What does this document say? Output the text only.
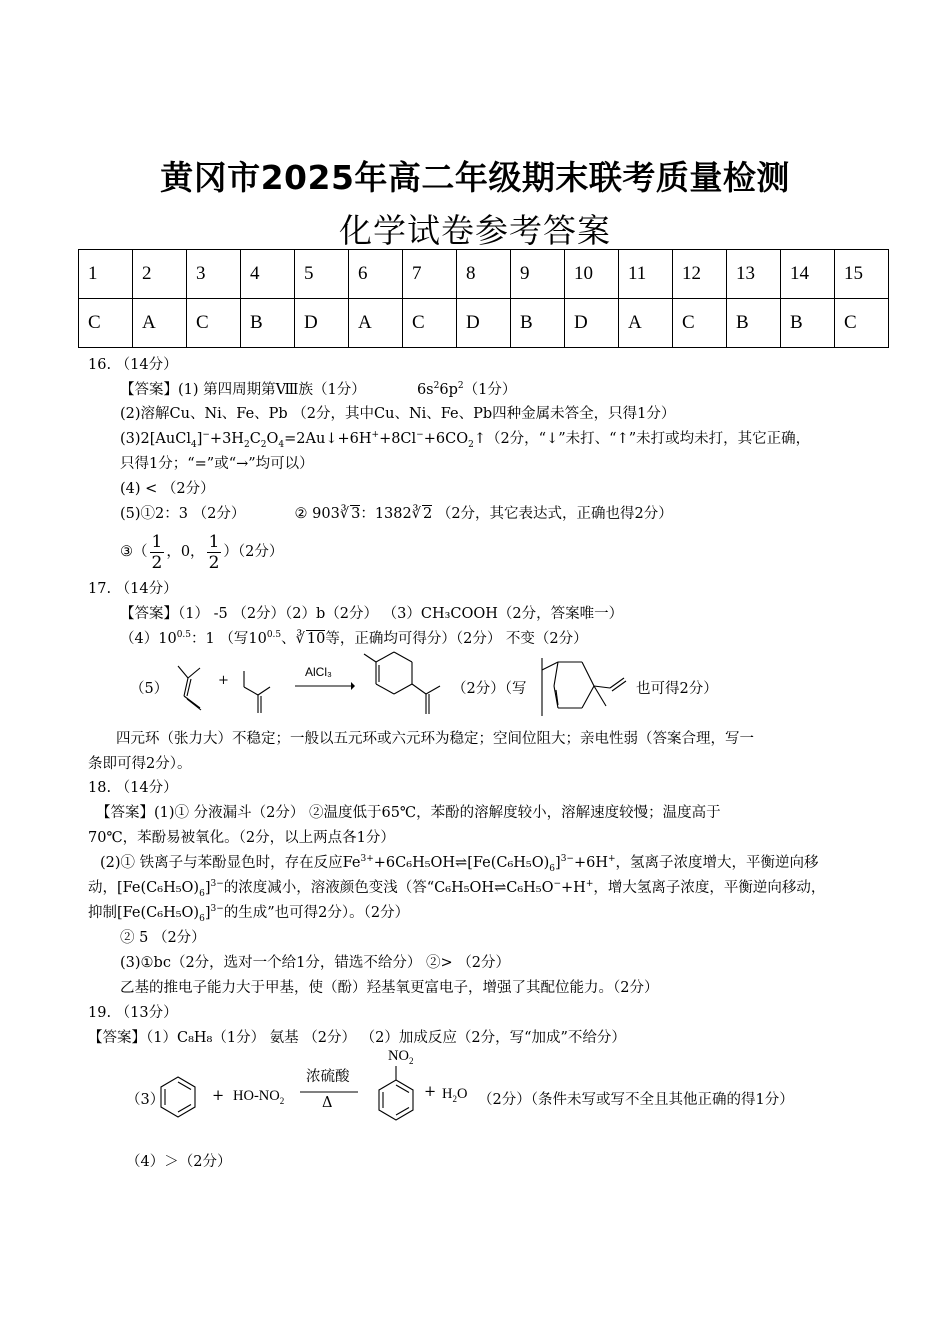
黄冈市2025年高二年级期末联考质量检测
化学试卷参考答案
1	2	3	4	5	6	7	8	9	10	11	12	13	14	15
C	A	C	B	D	A	C	D	B	D	A	C	B	B	C
16. （14分）
【答案】(1) 第四周期第Ⅷ族（1分）	$6s^26p^2(1$分）
(2)溶解Cu、Ni、Fe、Pb （2分，其中Cu、Ni、Fe、Pb四种金属未答全，只得1分）
$(3)2[AuCl_4]^-+3H_2C_2O_4=2Au↓+6H^++8Cl^-+6CO_2↑(2$分，“↓”未打、“↑”未打或均未打，其它正确，
只得1分；“=”或“→”均可以）
(4) < （2分）
(5)①2：3 （2分）	② 903∛ 3：1382∛ 2 （2分，其它表达式，正确也得2分）
③（ $\frac{1}{2}$ ，0， $\frac{1}{2} )(2$分）
17. （14分）
【答案】（1） -5 （2分）（2）b（2分） （3）CH₃COOH（2分，答案唯一）
$(4)10^{0.5}$：1 （写$10^{0.5}$、∛ 10等，正确均可得分）（2分） 不变（2分）
（5）
+
AlCl₃
（2分）（写	也可得2分）
四元环（张力大）不稳定；一般以五元环或六元环为稳定；空间位阻大；亲电性弱（答案合理，写一
条即可得2分）。
18. （14分）
【答案】(1)① 分液漏斗（2分） ②温度低于65℃，苯酚的溶解度较小，溶解速度较慢；温度高于
70℃，苯酚易被氧化。（2分，以上两点各1分）
(2)① 铁离子与苯酚显色时，存在反应$Fe^{3+}+6C_6H_5OH\rightleftharpoons[Fe(C_6H_5O)_6]^{3-}+6H^+$，氢离子浓度增大，平衡逆向移
动，$[Fe(C_6H_5O)_6]^{3-}$的浓度减小，溶液颜色变浅（答“C₆H₅OH⇌C₆H₅O−+H+，增大氢离子浓度，平衡逆向移动，
抑制$[Fe(C_6H_5O)_6]^{3-}$的生成”也可得2分）。（2分）
② 5 （2分）
(3)①bc（2分，选对一个给1分，错选不给分） ②> （2分）
乙基的推电子能力大于甲基，使（酚）羟基氧更富电子，增强了其配位能力。（2分）
19. （13分）
【答案】（1）C₈H₈（1分） 氨基 （2分） （2）加成反应（2分，写“加成”不给分）
（3）	+ $HO-NO_2$
浓硫酸
Δ
$NO_2$
+ $H_2O$ （2分）（条件未写或写不全且其他正确的得1分）
（4）＞（2分）
